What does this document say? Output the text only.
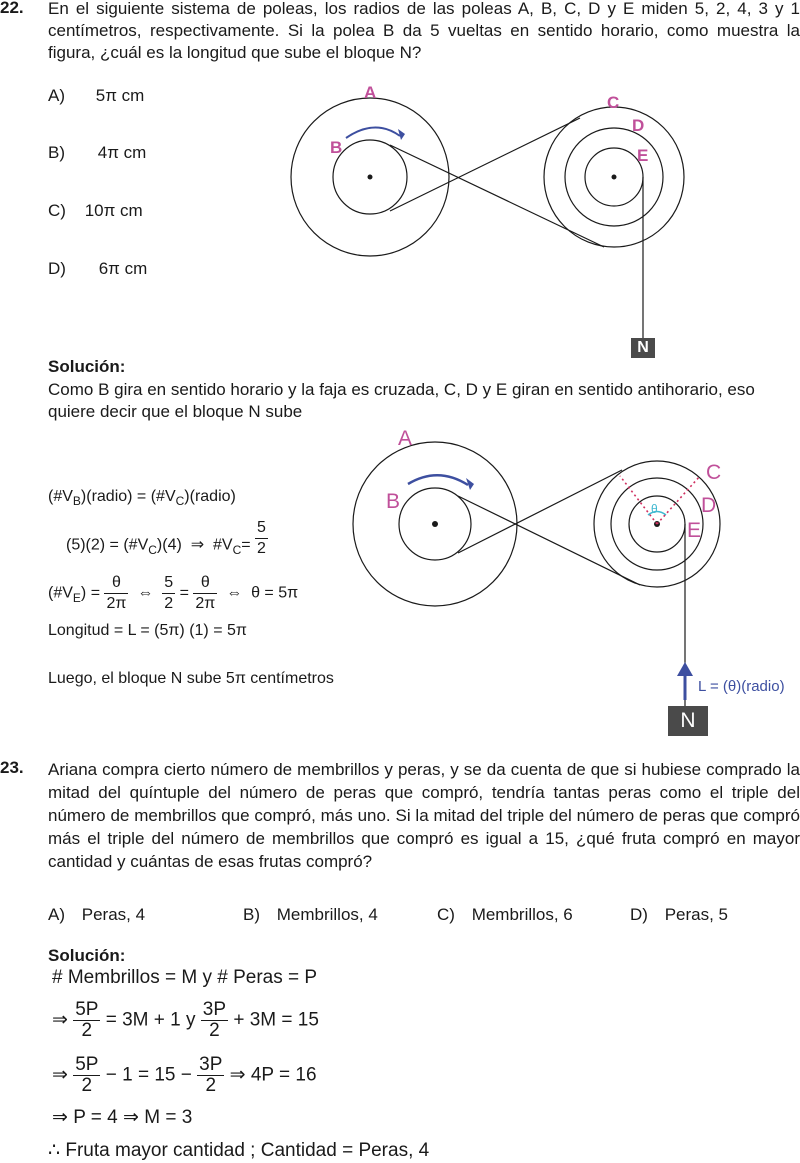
22. En el siguiente sistema de poleas, los radios de las poleas A, B, C, D y E miden 5, 2, 4, 3 y 1 centímetros, respectivamente. Si la polea B da 5 vueltas en sentido horario, como muestra la figura, ¿cuál es la longitud que sube el bloque N?
A) 5π cm
B) 4π cm
C) 10π cm
D) 6π cm
A
B
C
D
E
N
Solución:
Como B gira en sentido horario y la faja es cruzada, C, D y E giran en sentido antihorario, eso quiere decir que el bloque N sube
$(\#V_B)(radio)$ = $(\#V_C)(radio)$
$(5)(2) = (\#V_C)(4)$  ⇒  $\#V_C= \frac{5}{2}$
$(\#V_E) = \frac{\theta}{2\pi}$ ⇔ $\frac{5}{2} = \frac{\theta}{2\pi}$ ⇔ θ = 5π
Longitud = L = (5π) (1) = 5π
Luego, el bloque N sube 5π centímetros
θ
A
B
C
D
E
L = (θ)(radio)
N
23. Ariana compra cierto número de membrillos y peras, y se da cuenta de que si hubiese comprado la mitad del quíntuple del número de peras que compró, tendría tantas peras como el triple del número de membrillos que compró, más uno. Si la mitad del triple del número de peras que compró más el triple del número de membrillos que compró es igual a 15, ¿qué fruta compró en mayor cantidad y cuántas de esas frutas compró?
A) Peras, 4	B) Membrillos, 4	C) Membrillos, 6	D) Peras, 5
Solución:
# Membrillos = M y # Peras = P
⇒ $\frac{5P}{2} = 3M + 1$ y $\frac{3P}{2} + 3M = 15$
⇒ $\frac{5P}{2} - 1 = 15 - \frac{3P}{2}$ ⇒ 4P = 16
⇒ P = 4 ⇒ M = 3
∴ Fruta mayor cantidad ; Cantidad = Peras, 4
